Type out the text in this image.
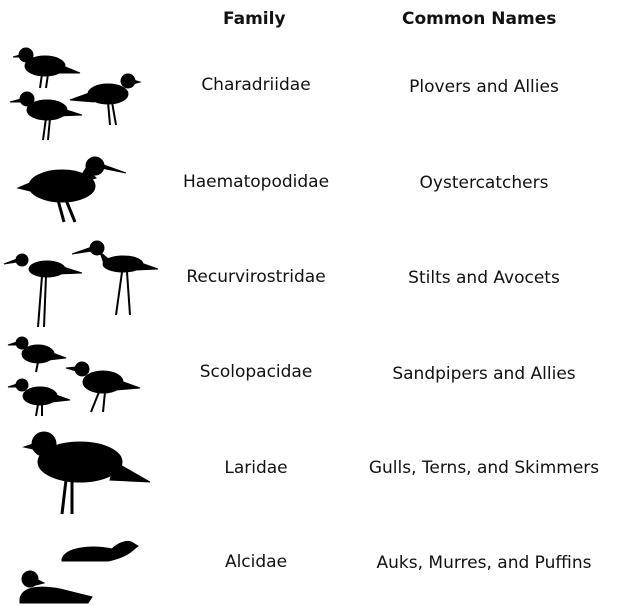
Family	Common Names
Charadriidae	Plovers and Allies
Haematopodidae	Oystercatchers
Recurvirostridae	Stilts and Avocets
Scolopacidae	Sandpipers and Allies
Laridae	Gulls, Terns, and Skimmers
Alcidae	Auks, Murres, and Puffins
